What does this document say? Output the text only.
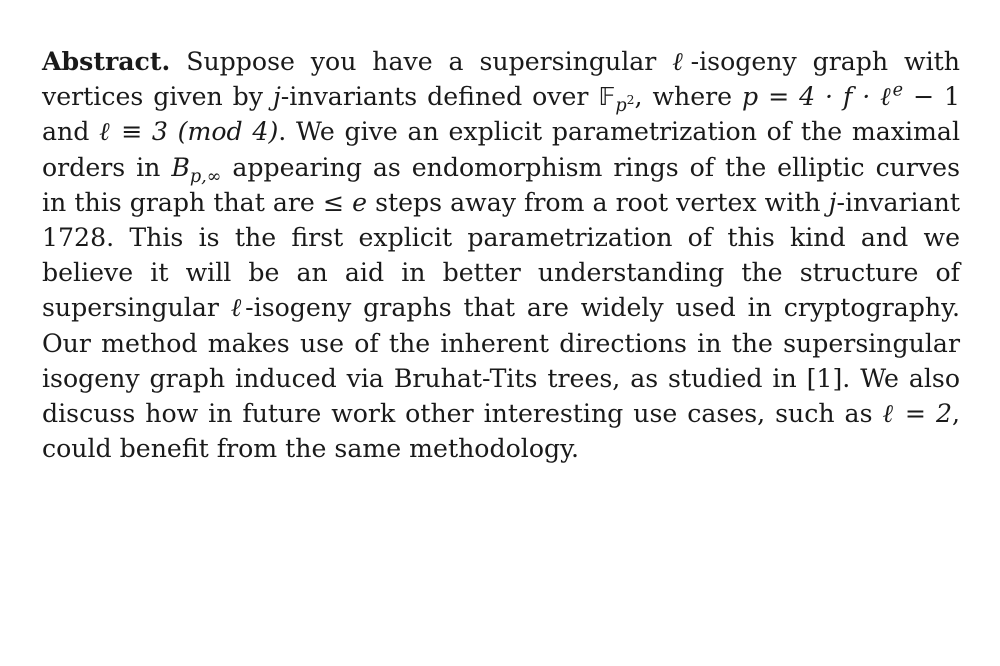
Abstract. Suppose you have a supersingular ℓ-isogeny graph with vertices given by j-invariants defined over 𝔽$_{p^2}$, where p = 4 · f · ℓ$^e$ − 1 and ℓ ≡ 3 (mod 4). We give an explicit parametrization of the maximal orders in $B_{p,\infty}$ appearing as endomorphism rings of the elliptic curves in this graph that are ≤ e steps away from a root vertex with j-invariant 1728. This is the first explicit parametrization of this kind and we believe it will be an aid in better understanding the structure of supersingular ℓ-isogeny graphs that are widely used in cryptography. Our method makes use of the inherent directions in the supersingular isogeny graph induced via Bruhat-Tits trees, as studied in [1]. We also discuss how in future work other interesting use cases, such as ℓ = 2, could benefit from the same methodology.
